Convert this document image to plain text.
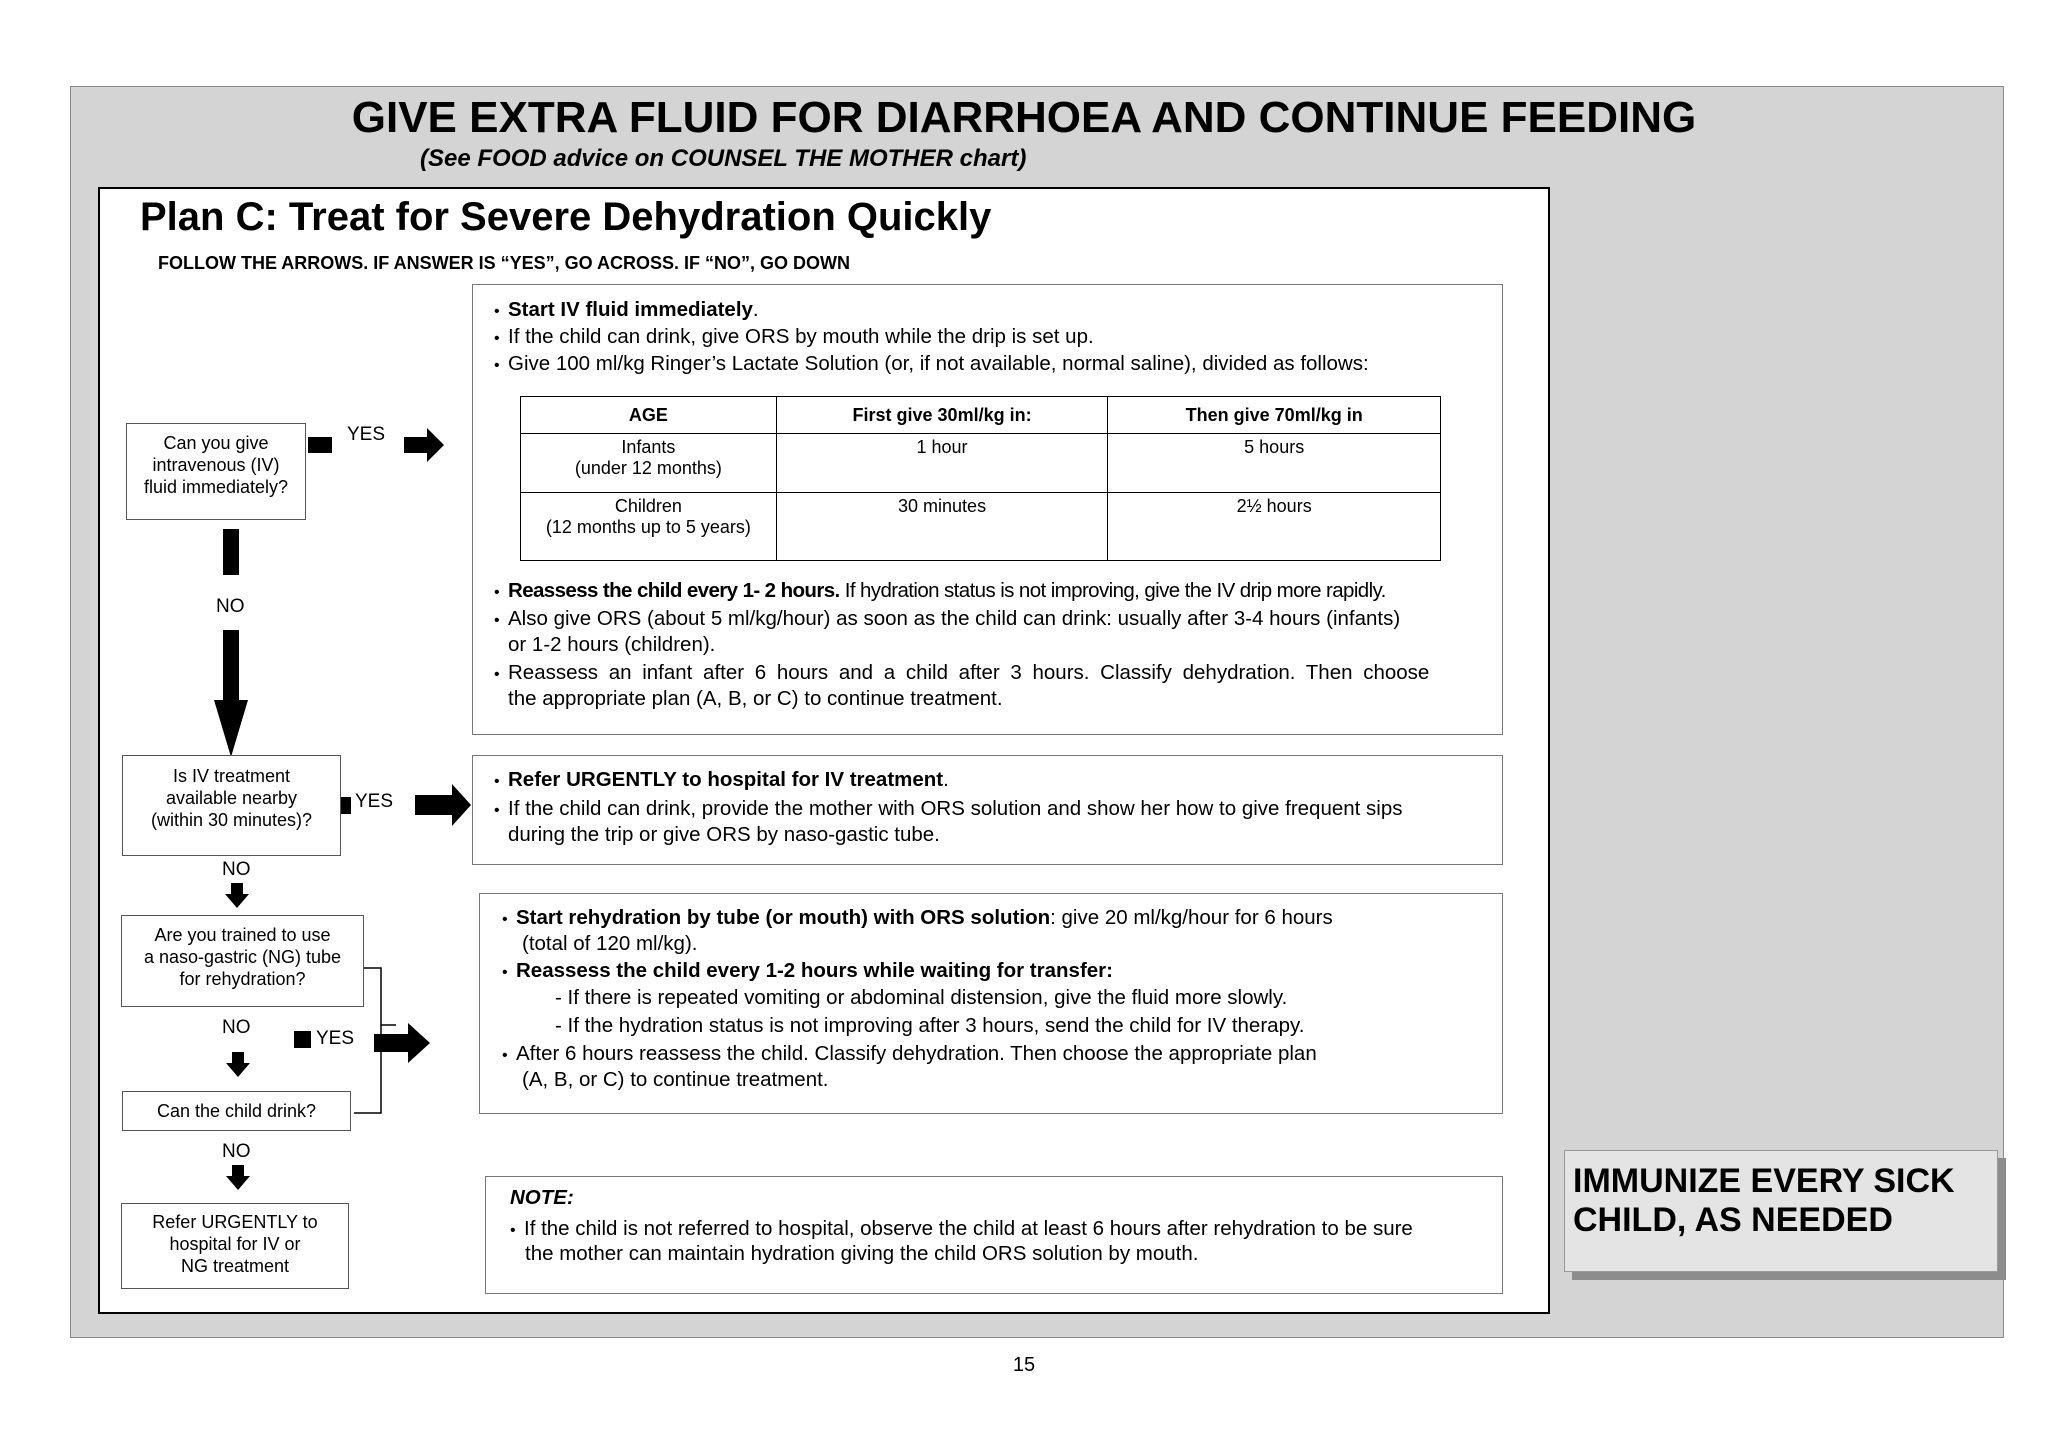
GIVE EXTRA FLUID FOR DIARRHOEA AND CONTINUE FEEDING
(See FOOD advice on COUNSEL THE MOTHER chart)
Plan C: Treat for Severe Dehydration Quickly
FOLLOW THE ARROWS. IF ANSWER IS “YES”, GO ACROSS. IF “NO”, GO DOWN
Can you give
intravenous (IV)
fluid immediately?
YES
NO
Is IV treatment
available nearby
(within 30 minutes)?
YES
NO
Are you trained to use
a naso-gastric (NG) tube
for rehydration?
NO
YES
Can the child drink?
NO
Refer URGENTLY to
hospital for IV or
NG treatment
• Start IV fluid immediately.
• If the child can drink, give ORS by mouth while the drip is set up.
• Give 100 ml/kg Ringer’s Lactate Solution (or, if not available, normal saline), divided as follows:
AGE	First give 30ml/kg in:	Then give 70ml/kg in

Infants
(under 12 months)	1 hour	5 hours

Children
(12 months up to 5 years)	30 minutes	2½ hours
• Reassess the child every 1- 2 hours. If hydration status is not improving, give the IV drip more rapidly.
• Also give ORS (about 5 ml/kg/hour) as soon as the child can drink: usually after 3-4 hours (infants)
or 1-2 hours (children).
• Reassess an infant after 6 hours and a child after 3 hours. Classify dehydration. Then choose
the appropriate plan (A, B, or C) to continue treatment.
• Refer URGENTLY to hospital for IV treatment.
• If the child can drink, provide the mother with ORS solution and show her how to give frequent sips
during the trip or give ORS by naso-gastic tube.
• Start rehydration by tube (or mouth) with ORS solution: give 20 ml/kg/hour for 6 hours
(total of 120 ml/kg).
• Reassess the child every 1-2 hours while waiting for transfer:
- If there is repeated vomiting or abdominal distension, give the fluid more slowly.
- If the hydration status is not improving after 3 hours, send the child for IV therapy.
• After 6 hours reassess the child. Classify dehydration. Then choose the appropriate plan
(A, B, or C) to continue treatment.
NOTE:
• If the child is not referred to hospital, observe the child at least 6 hours after rehydration to be sure
the mother can maintain hydration giving the child ORS solution by mouth.
IMMUNIZE EVERY SICK
CHILD, AS NEEDED
15
